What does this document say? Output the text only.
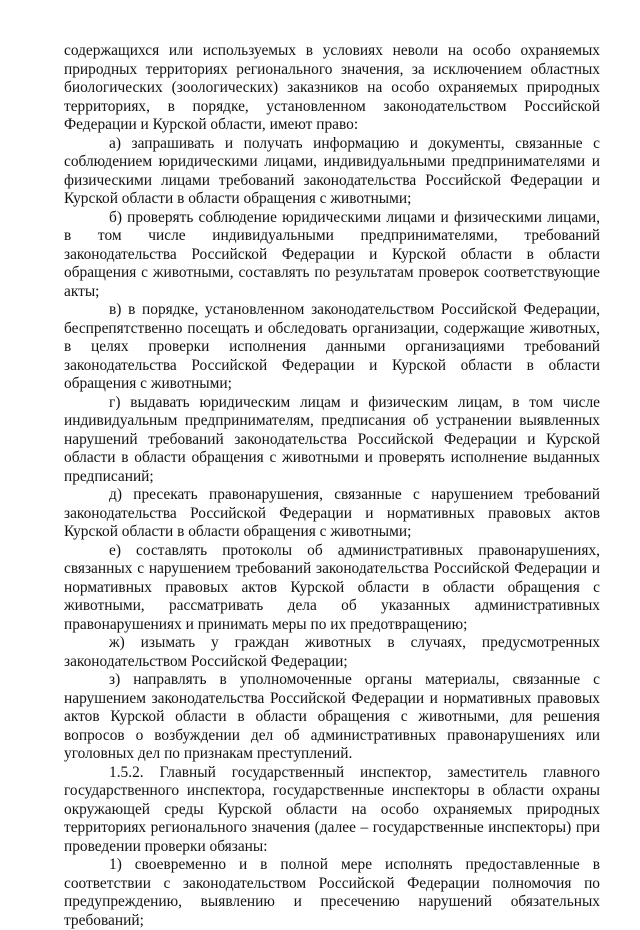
содержащихся или используемых в условиях неволи на особо охраняемых природных территориях регионального значения, за исключением областных биологических (зоологических) заказников на особо охраняемых природных территориях, в порядке, установленном законодательством Российской Федерации и Курской области, имеют право:

а) запрашивать и получать информацию и документы, связанные с соблюдением юридическими лицами, индивидуальными предпринимателями и физическими лицами требований законодательства Российской Федерации и Курской области в области обращения с животными;

б) проверять соблюдение юридическими лицами и физическими лицами, в том числе индивидуальными предпринимателями, требований законодательства Российской Федерации и Курской области в области обращения с животными, составлять по результатам проверок соответствующие акты;

в) в порядке, установленном законодательством Российской Федерации, беспрепятственно посещать и обследовать организации, содержащие животных, в целях проверки исполнения данными организациями требований законодательства Российской Федерации и Курской области в области обращения с животными;

г) выдавать юридическим лицам и физическим лицам, в том числе индивидуальным предпринимателям, предписания об устранении выявленных нарушений требований законодательства Российской Федерации и Курской области в области обращения с животными и проверять исполнение выданных предписаний;

д) пресекать правонарушения, связанные с нарушением требований законодательства Российской Федерации и нормативных правовых актов Курской области в области обращения с животными;

е) составлять протоколы об административных правонарушениях, связанных с нарушением требований законодательства Российской Федерации и нормативных правовых актов Курской области в области обращения с животными, рассматривать дела об указанных административных правонарушениях и принимать меры по их предотвращению;

ж) изымать у граждан животных в случаях, предусмотренных законодательством Российской Федерации;

з) направлять в уполномоченные органы материалы, связанные с нарушением законодательства Российской Федерации и нормативных правовых актов Курской области в области обращения с животными, для решения вопросов о возбуждении дел об административных правонарушениях или уголовных дел по признакам преступлений.

1.5.2. Главный государственный инспектор, заместитель главного государственного инспектора, государственные инспекторы в области охраны окружающей среды Курской области на особо охраняемых природных территориях регионального значения (далее – государственные инспекторы) при проведении проверки обязаны:

1) своевременно и в полной мере исполнять предоставленные в соответствии с законодательством Российской Федерации полномочия по предупреждению, выявлению и пресечению нарушений обязательных требований;
